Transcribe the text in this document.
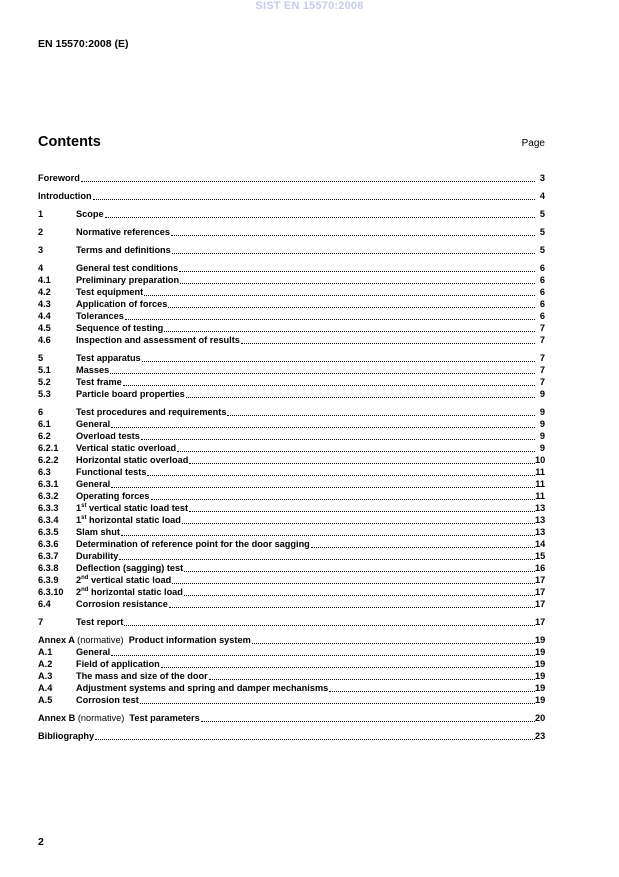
SIST EN 15570:2008
EN 15570:2008 (E)
Contents	Page
Foreword	3
Introduction	4
1	Scope	5
2	Normative references	5
3	Terms and definitions	5
4	General test conditions	6
4.1	Preliminary preparation	6
4.2	Test equipment	6
4.3	Application of forces	6
4.4	Tolerances	6
4.5	Sequence of testing	7
4.6	Inspection and assessment of results	7
5	Test apparatus	7
5.1	Masses	7
5.2	Test frame	7
5.3	Particle board properties	9
6	Test procedures and requirements	9
6.1	General	9
6.2	Overload tests	9
6.2.1 Vertical static overload	9
6.2.2 Horizontal static overload	10
6.3	Functional tests	11
6.3.1 General	11
6.3.2 Operating forces	11
6.3.3 1st vertical static load test	13
6.3.4 1st horizontal static load	13
6.3.5 Slam shut	13
6.3.6 Determination of reference point for the door sagging	14
6.3.7 Durability	15
6.3.8 Deflection (sagging) test	16
6.3.9 2nd vertical static load	17
6.3.10 2nd horizontal static load	17
6.4	Corrosion resistance	17
7	Test report	17
Annex A (normative) Product information system	19
A.1	General	19
A.2	Field of application	19
A.3	The mass and size of the door	19
A.4	Adjustment systems and spring and damper mechanisms	19
A.5	Corrosion test	19
Annex B (normative) Test parameters	20
Bibliography	23
2
